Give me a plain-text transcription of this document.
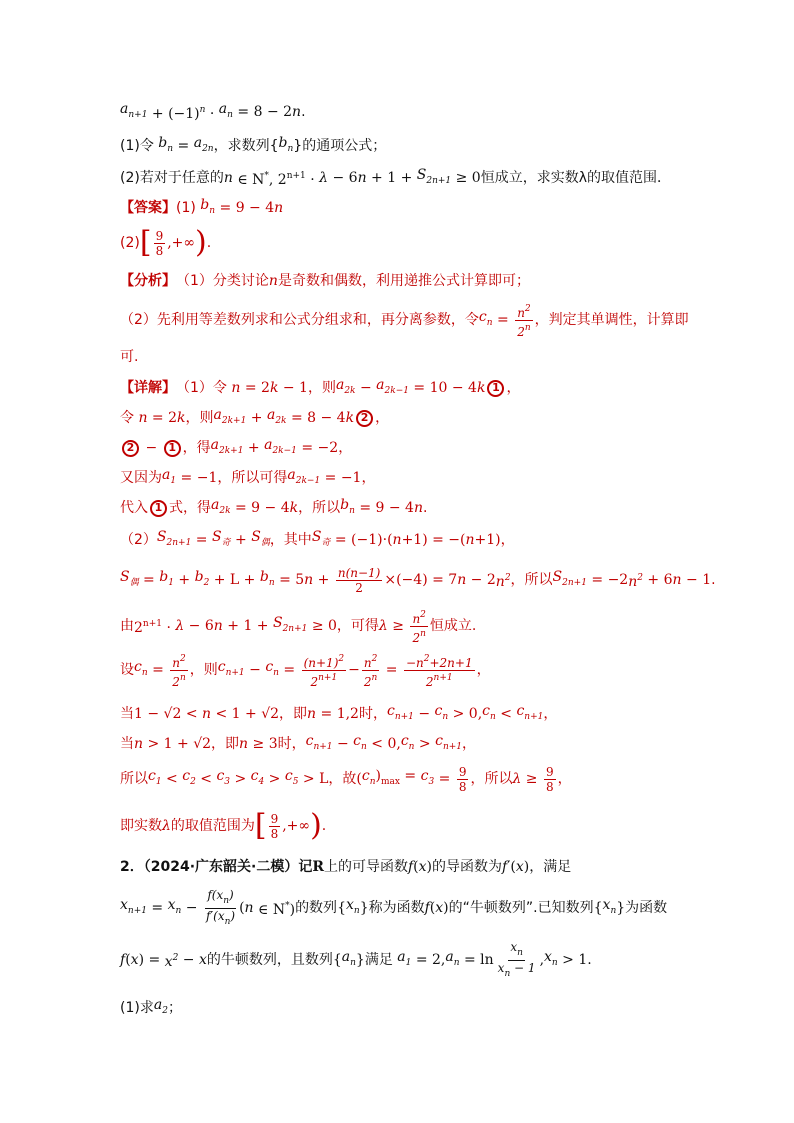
$a_{n+1} + (-1)^n \cdot a_n = 8 - 2$ n .
(1)令 $b_n = a_{2n}$ ，求数列{ $b_n$ }的通项公式；
(2)若对于任意的 n ∈ N*, $2^{n+1} \cdot \lambda - 6$ $n + 1 + S_{2n+1} \ge 0$ 恒成立，求实数λ的取值范围．
【答案】 (1) $b_n = 9 - 4$ n
(2) [ $\frac{9}{8}$ ,+∞ ) .
【分析】 （1）分类讨论 n 是奇数和偶数，利用递推公式计算即可；
（2）先利用等差数列求和公式分组求和，再分离参数，令 $c_n = \frac{n^2}{2^n}$ ，判定其单调性，计算即
可.
【详解】 （1）令 n = 2 k − 1 ，则 $a_{2k} - a_{2k-1} = 10 - 4$ k 1 ，
令 n = 2 k ，则 $a_{2k+1} + a_{2k} = 8 - 4$ k 2 ，
2 − 1 ，得 $a_{2k+1} + a_{2k-1} = -2$ ，
又因为 $a_1 = -1$ ，所以可得 $a_{2k-1} = -1$ ，
代入 1 式，得 $a_{2k} = 9 - 4$ k ，所以 $b_n = 9 - 4$ n .
（2） $S_{2n+1} = S_奇 + S_偶$ ，其中 $S_奇 = (-1)\cdot$( n +1) = −( n +1) ，
$S_偶 = b_1 + b_2 + L + b_n = 5$ $n + \frac{n(n-1)}{2} \times(-4) = 7$ n − 2 $n^2$ ，所以 $S_{2n+1} = -2$ $n^2 + 6$ n − 1 .
由 $2^{n+1} \cdot \lambda - 6$ $n + 1 + S_{2n+1} \ge 0$ ，可得 $\lambda \ge \frac{n^2}{2^n}$ 恒成立.
设 $c_n = \frac{n^2}{2^n}$ ，则 $c_{n+1} - c_n = \frac{(n+1)^2}{2^{n+1}} - \frac{n^2}{2^n} = \frac{-n^2+2n+1}{2^{n+1}}$ ，
当 1 − √2 < n < 1 + √2 ，即 n = 1,2 时， $c_{n+1} - c_n > 0$, $c_n < c_{n+1}$ ，
当 n > 1 + √2 ，即 n ≥ 3 时， $c_{n+1} - c_n < 0$, $c_n > c_{n+1}$ ，
所以 $c_1 < c_2 < c_3 > c_4 > c_5 > L$ ，故 ( $c_n$ )$_{max} = c_3 = \frac{9}{8}$ ，所以 $\lambda \ge \frac{9}{8}$ ，
即实数 λ 的取值范围为 [ $\frac{9}{8}$ ,+∞ ) .
2．（2024·广东韶关·二模）记 R 上的可导函数 f ( x ) 的导函数为 f ′( x ) ，满足
$x_{n+1} = x_n - \frac{f(x_n)}{f'(x_n)}$ ( n ∈ N*) 的数列 { $x_n$ } 称为函数 f ( x ) 的“牛顿数列”.已知数列 { $x_n$ } 为函数
f ( x ) = $x^2 - x$ 的牛顿数列，且数列 { $a_n$ } 满足 $a_1 = 2$, $a_n = \ln \frac{x_n}{x_n - 1}$ , $x_n > 1$.
(1)求 $a_2$ ；
